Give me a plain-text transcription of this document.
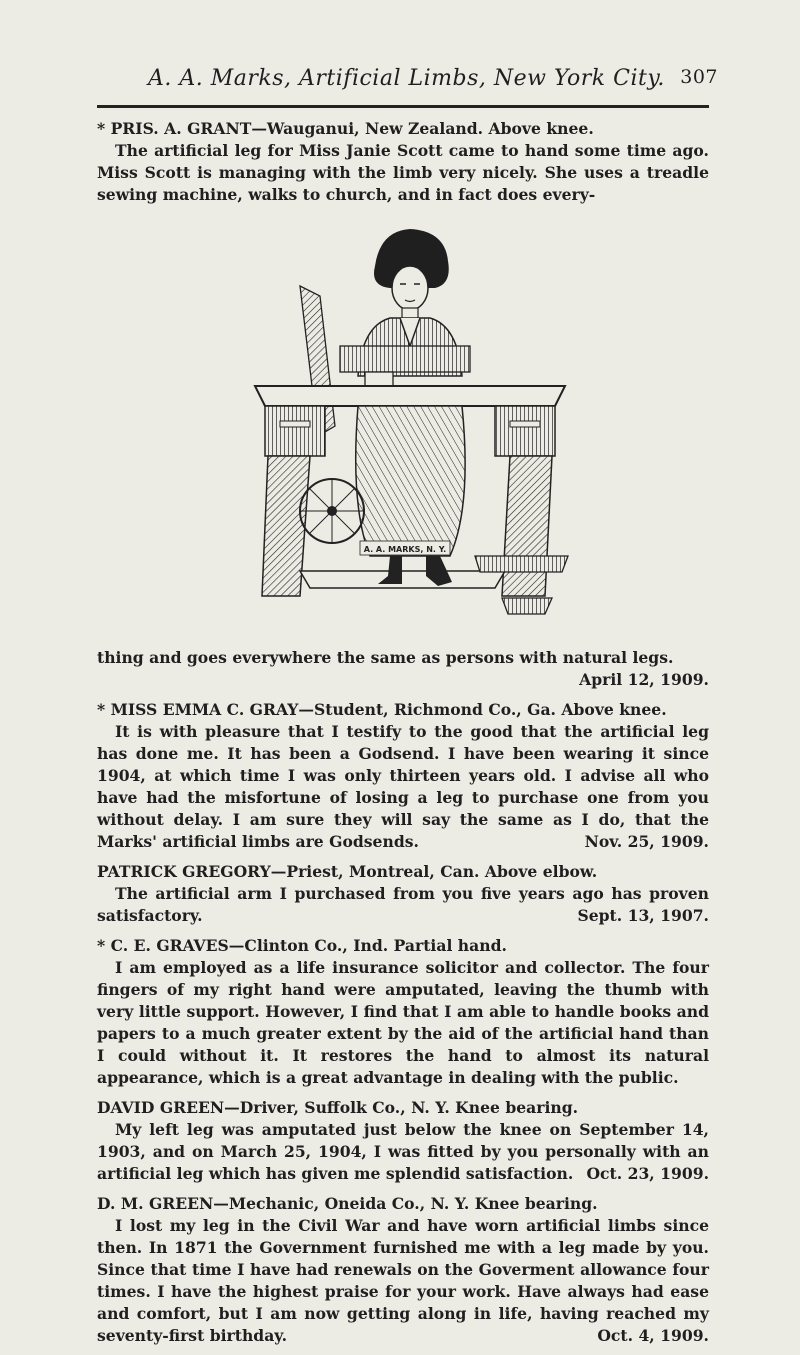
A. A. Marks, Artificial Limbs, New York City. 307

* PRIS. A. GRANT—Wauganui, New Zealand. Above knee.

The artificial leg for Miss Janie Scott came to hand some time ago. Miss Scott is managing with the limb very nicely. She uses a treadle sewing machine, walks to church, and in fact does every-

A. A. MARKS, N. Y.

thing and goes everywhere the same as persons with natural legs.
April 12, 1909.

* MISS EMMA C. GRAY—Student, Richmond Co., Ga. Above knee.

It is with pleasure that I testify to the good that the artificial leg has done me. It has been a Godsend. I have been wearing it since 1904, at which time I was only thirteen years old. I advise all who have had the misfortune of losing a leg to purchase one from you without delay. I am sure they will say the same as I do, that the Marks' artificial limbs are Godsends.	Nov. 25, 1909.

PATRICK GREGORY—Priest, Montreal, Can. Above elbow.

The artificial arm I purchased from you five years ago has proven satisfactory.	Sept. 13, 1907.

* C. E. GRAVES—Clinton Co., Ind. Partial hand.

I am employed as a life insurance solicitor and collector. The four fingers of my right hand were amputated, leaving the thumb with very little support. However, I find that I am able to handle books and papers to a much greater extent by the aid of the artificial hand than I could without it. It restores the hand to almost its natural appearance, which is a great advantage in dealing with the public.

DAVID GREEN—Driver, Suffolk Co., N. Y. Knee bearing.

My left leg was amputated just below the knee on September 14, 1903, and on March 25, 1904, I was fitted by you personally with an artificial leg which has given me splendid satisfaction. Oct. 23, 1909.

D. M. GREEN—Mechanic, Oneida Co., N. Y. Knee bearing.

I lost my leg in the Civil War and have worn artificial limbs since then. In 1871 the Government furnished me with a leg made by you. Since that time I have had renewals on the Goverment allowance four times. I have the highest praise for your work. Have always had ease and comfort, but I am now getting along in life, having reached my seventy-first birthday.	Oct. 4, 1909.
